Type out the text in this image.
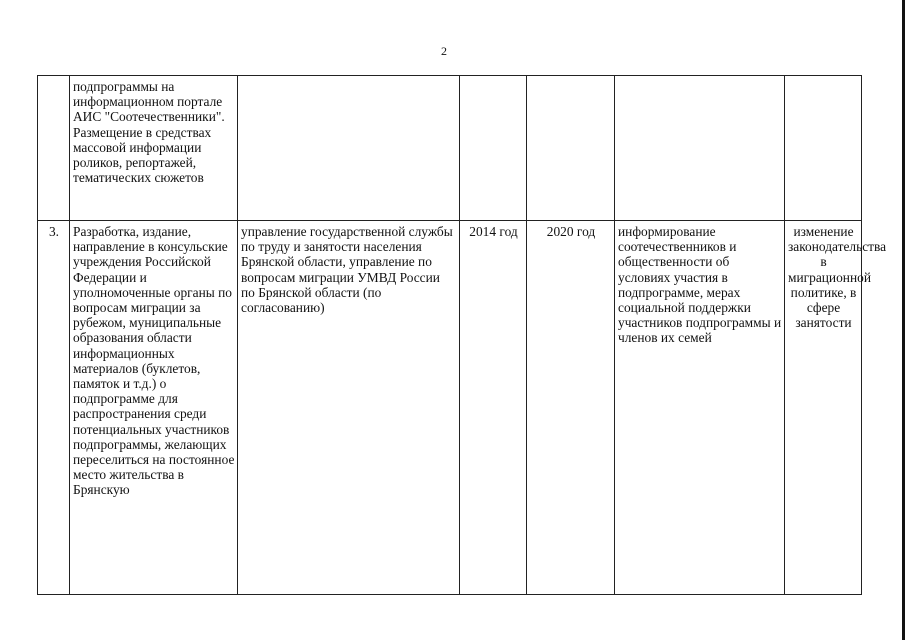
2
	подпрограммы на информационном портале АИС "Соотечественники". Размещение в средствах массовой информации роликов, репортажей, тематических сюжетов					
3.	Разработка, издание, направление в консульские учреждения Российской Федерации и уполномоченные органы по вопросам миграции за рубежом, муниципальные образования области информационных материалов (буклетов, памяток и т.д.) о подпрограмме для распространения среди потенциальных участников подпрограммы, желающих переселиться на постоянное место жительства в Брянскую	управление государственной службы по труду и занятости населения Брянской области, управление по вопросам миграции УМВД России по Брянской области (по согласованию)	2014 год	2020 год	информирование соотечественников и общественности об условиях участия в подпрограмме, мерах социальной поддержки участников подпрограммы и членов их семей	изменение законодательства в миграционной политике, в сфере занятости
